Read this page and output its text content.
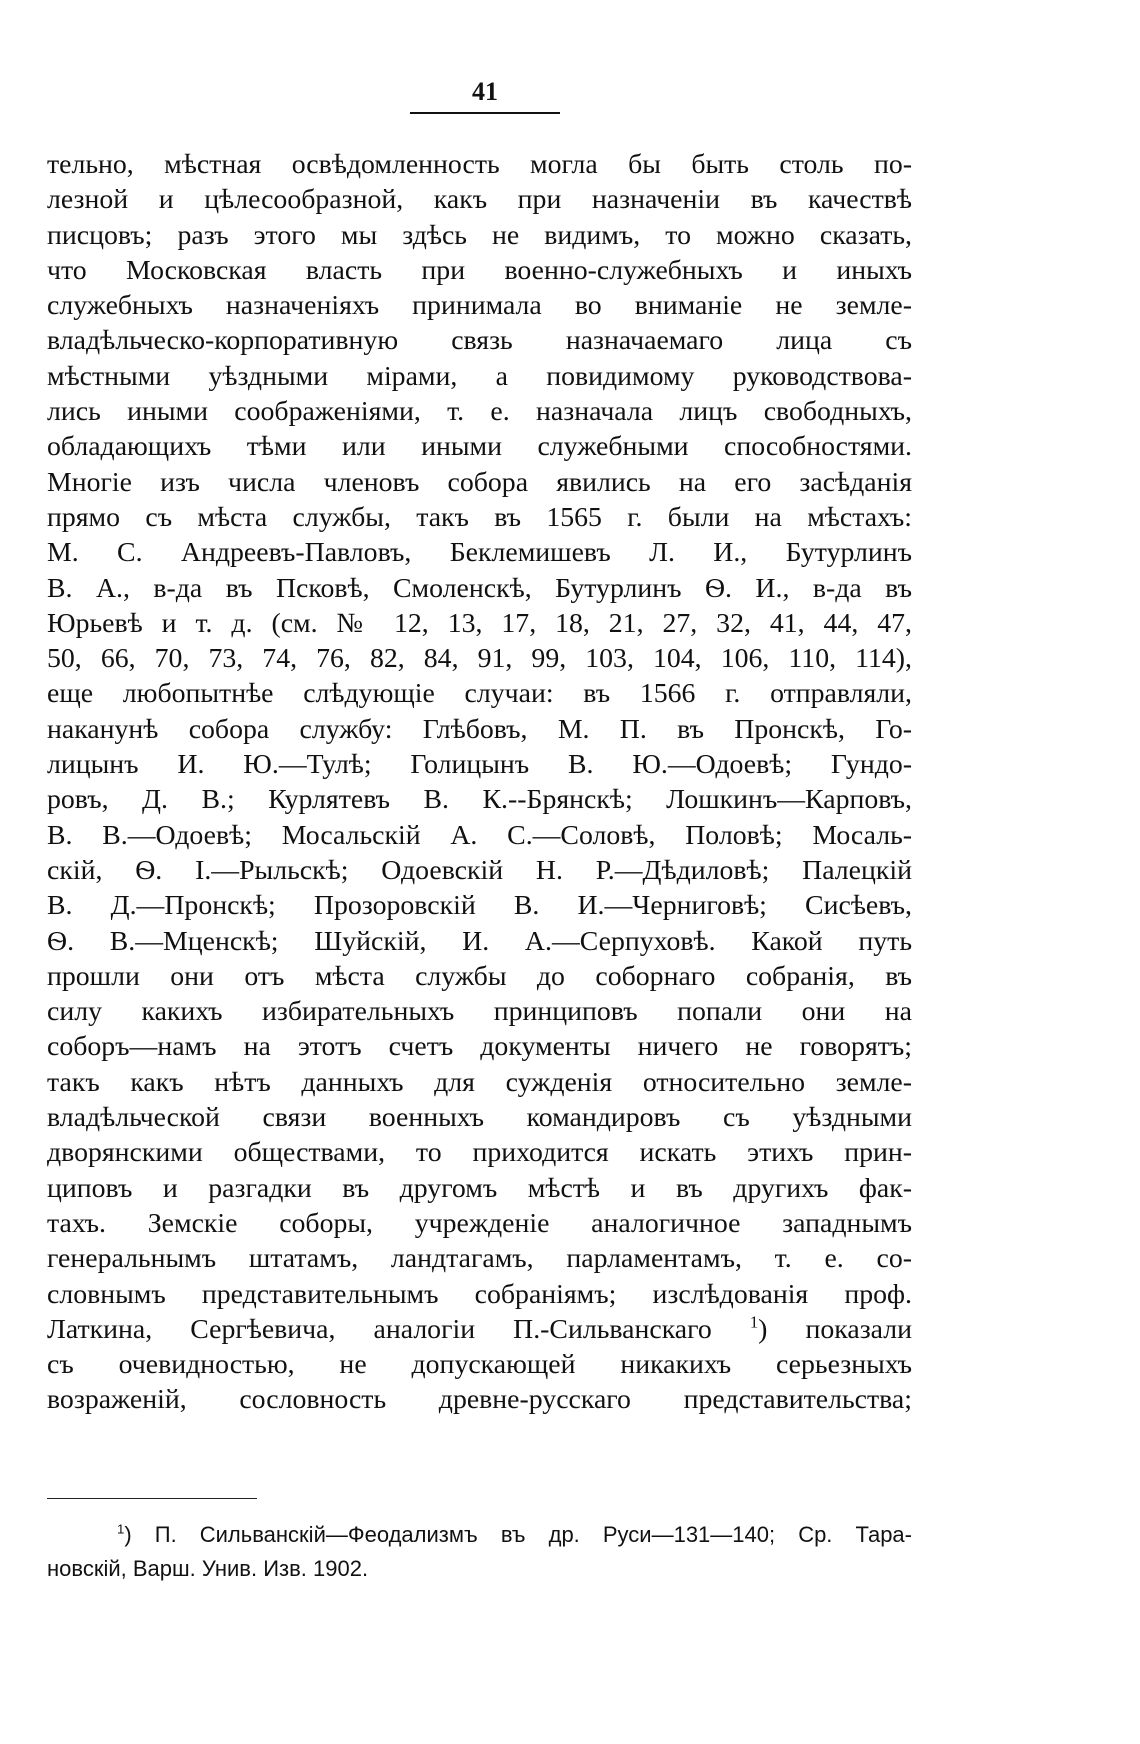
41
тельно, мѣстная освѣдомленность могла бы быть столь по-
лезной и цѣлесообразной, какъ при назначеніи въ качествѣ
писцовъ; разъ этого мы здѣсь не видимъ, то можно сказать,
что Московская власть при военно-служебныхъ и иныхъ
служебныхъ назначеніяхъ принимала во вниманіе не земле-
владѣльческо-корпоративную связь назначаемаго лица съ
мѣстными уѣздными мірами, а повидимому руководствова-
лись иными соображеніями, т. е. назначала лицъ свободныхъ,
обладающихъ тѣми или иными служебными способностями.
Многіе изъ числа членовъ собора явились на его засѣданія
прямо съ мѣста службы, такъ въ 1565 г. были на мѣстахъ:
М. С. Андреевъ-Павловъ, Беклемишевъ Л. И., Бутурлинъ
В. А., в-да въ Псковѣ, Смоленскѣ, Бутурлинъ Ѳ. И., в-да въ
Юрьевѣ и т. д. (см. № 12, 13, 17, 18, 21, 27, 32, 41, 44, 47,
50, 66, 70, 73, 74, 76, 82, 84, 91, 99, 103, 104, 106, 110, 114),
еще любопытнѣе слѣдующіе случаи: въ 1566 г. отправляли,
наканунѣ собора службу: Глѣбовъ, М. П. въ Пронскѣ, Го-
лицынъ И. Ю.—Тулѣ; Голицынъ В. Ю.—Одоевѣ; Гундо-
ровъ, Д. В.; Курлятевъ В. К.--Брянскѣ; Лошкинъ—Карповъ,
В. В.—Одоевѣ; Мосальскій А. С.—Соловѣ, Половѣ; Мосаль-
скій, Ѳ. І.—Рыльскѣ; Одоевскій Н. Р.—Дѣдиловѣ; Палецкій
В. Д.—Пронскѣ; Прозоровскій В. И.—Черниговѣ; Сисѣевъ,
Ѳ. В.—Мценскѣ; Шуйскій, И. А.—Серпуховѣ. Какой путь
прошли они отъ мѣста службы до соборнаго собранія, въ
силу какихъ избирательныхъ принциповъ попали они на
соборъ—намъ на этотъ счетъ документы ничего не говорятъ;
такъ какъ нѣтъ данныхъ для сужденія относительно земле-
владѣльческой связи военныхъ командировъ съ уѣздными
дворянскими обществами, то приходится искать этихъ прин-
циповъ и разгадки въ другомъ мѣстѣ и въ другихъ фак-
тахъ. Земскіе соборы, учрежденіе аналогичное западнымъ
генеральнымъ штатамъ, ландтагамъ, парламентамъ, т. е. со-
словнымъ представительнымъ собраніямъ; изслѣдованія проф.
Латкина, Сергѣевича, аналогіи П.-Сильванскаго $^1$) показали
съ очевидностью, не допускающей никакихъ серьезныхъ
возраженій, сословность древне-русскаго представительства;
$^1$) П. Сильванскій—Феодализмъ въ др. Руси—131—140; Ср. Тара-
новскій, Варш. Унив. Изв. 1902.
